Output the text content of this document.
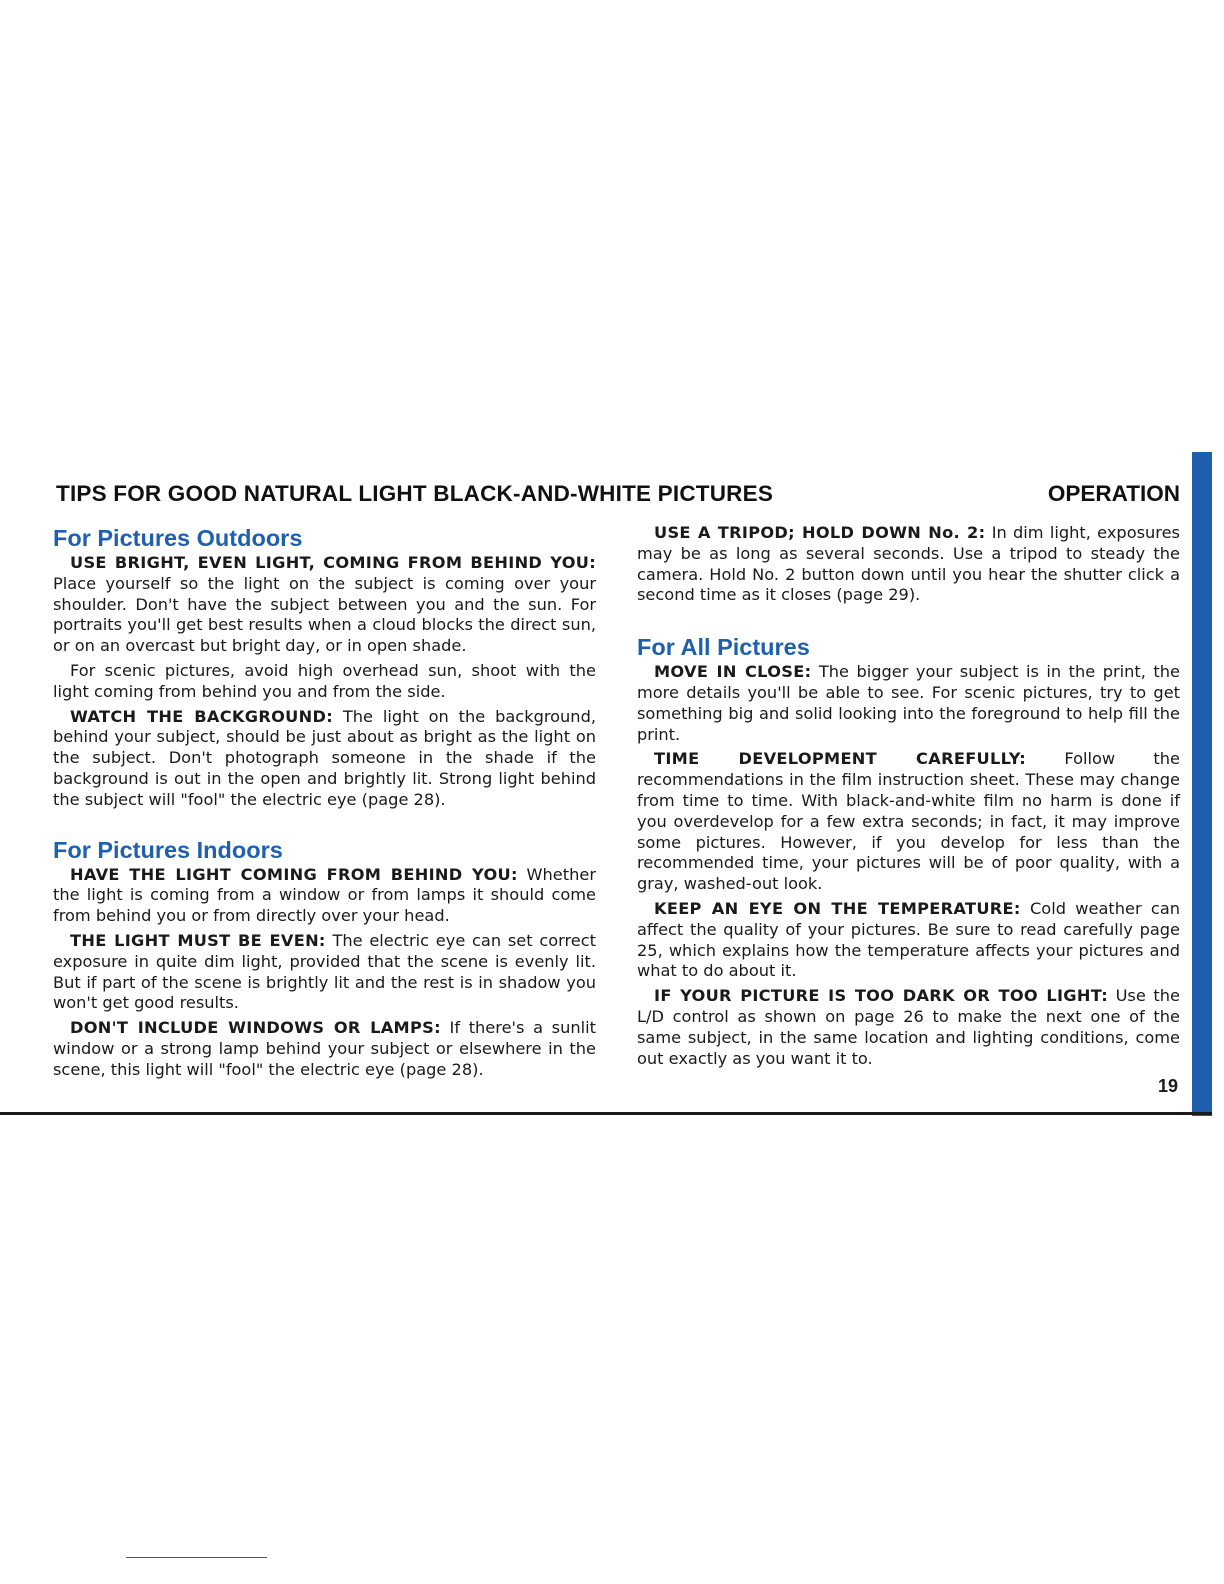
TIPS FOR GOOD NATURAL LIGHT BLACK-AND-WHITE PICTURES	OPERATION
For Pictures Outdoors

USE BRIGHT, EVEN LIGHT, COMING FROM BEHIND YOU: Place yourself so the light on the subject is coming over your shoulder. Don't have the subject between you and the sun. For portraits you'll get best results when a cloud blocks the direct sun, or on an overcast but bright day, or in open shade.

For scenic pictures, avoid high overhead sun, shoot with the light coming from behind you and from the side.

WATCH THE BACKGROUND: The light on the background, behind your subject, should be just about as bright as the light on the subject. Don't photograph someone in the shade if the background is out in the open and brightly lit. Strong light behind the subject will "fool" the electric eye (page 28).

For Pictures Indoors

HAVE THE LIGHT COMING FROM BEHIND YOU: Whether the light is coming from a window or from lamps it should come from behind you or from directly over your head.

THE LIGHT MUST BE EVEN: The electric eye can set correct exposure in quite dim light, provided that the scene is evenly lit. But if part of the scene is brightly lit and the rest is in shadow you won't get good results.

DON'T INCLUDE WINDOWS OR LAMPS: If there's a sunlit window or a strong lamp behind your subject or elsewhere in the scene, this light will "fool" the electric eye (page 28).

USE A TRIPOD; HOLD DOWN No. 2: In dim light, exposures may be as long as several seconds. Use a tripod to steady the camera. Hold No. 2 button down until you hear the shutter click a second time as it closes (page 29).

For All Pictures

MOVE IN CLOSE: The bigger your subject is in the print, the more details you'll be able to see. For scenic pictures, try to get something big and solid looking into the foreground to help fill the print.

TIME DEVELOPMENT CAREFULLY: Follow the recommendations in the film instruction sheet. These may change from time to time. With black-and-white film no harm is done if you overdevelop for a few extra seconds; in fact, it may improve some pictures. However, if you develop for less than the recommended time, your pictures will be of poor quality, with a gray, washed-out look.

KEEP AN EYE ON THE TEMPERATURE: Cold weather can affect the quality of your pictures. Be sure to read carefully page 25, which explains how the temperature affects your pictures and what to do about it.

IF YOUR PICTURE IS TOO DARK OR TOO LIGHT: Use the L/D control as shown on page 26 to make the next one of the same subject, in the same location and lighting conditions, come out exactly as you want it to.

19
